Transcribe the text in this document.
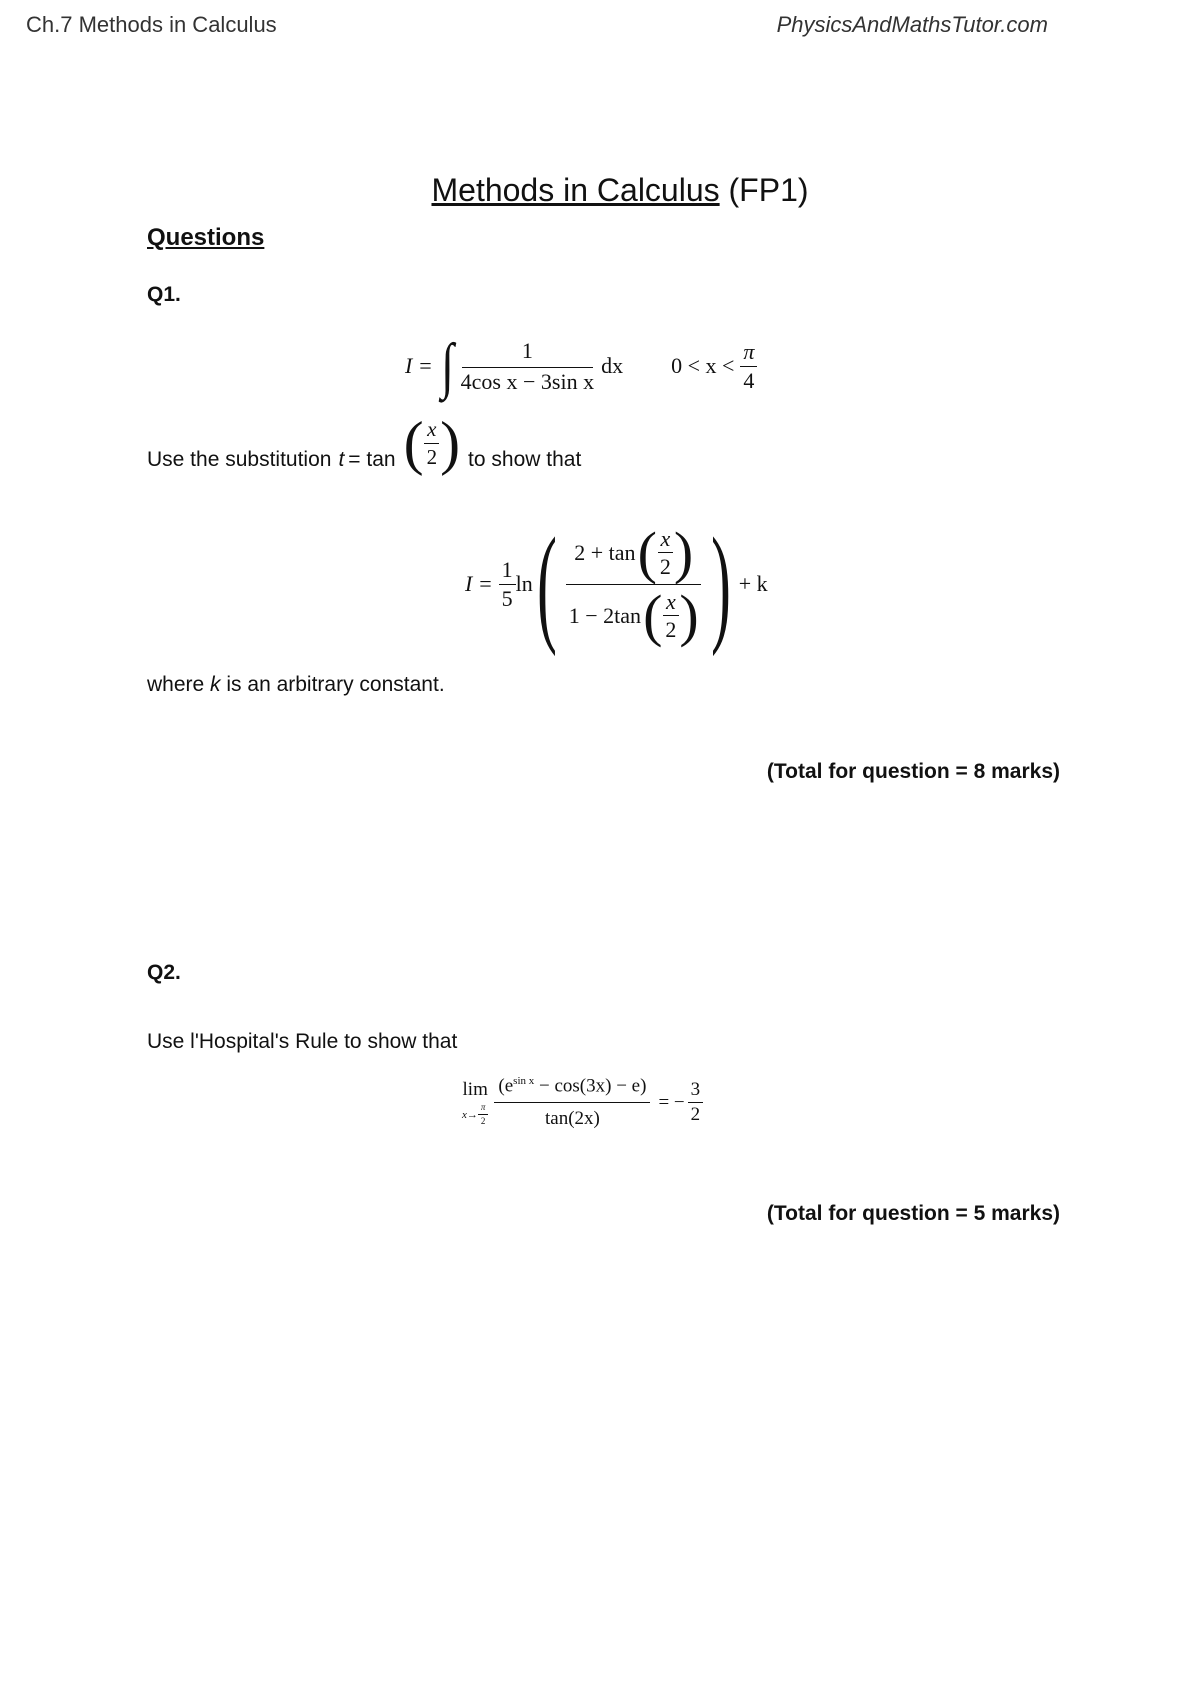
Ch.7 Methods in Calculus	PhysicsAndMathsTutor.com
Methods in Calculus (FP1)
Questions
Q1.
I = ∫ $\frac{1}{\text{4cos x − 3sin x}}$ dx $0 < x < \frac{\pi}{4}$
Use the substitution t = tan ( $\frac{x}{2}$ ) to show that
$I = \frac{1}{5}$ ln ( $\frac{2 + \tan ( \frac{x}{2} )}{1 - 2\tan ( \frac{x}{2} )}$ ) + k
where k is an arbitrary constant.
(Total for question = 8 marks)
Q2.
Use l'Hospital's Rule to show that
lim
$x\to \frac{\pi}{2} \frac{(e^{sin x} - \cos(3x) - e)}{\tan(2x)}$ = − $\frac{3}{2}$
(Total for question = 5 marks)
